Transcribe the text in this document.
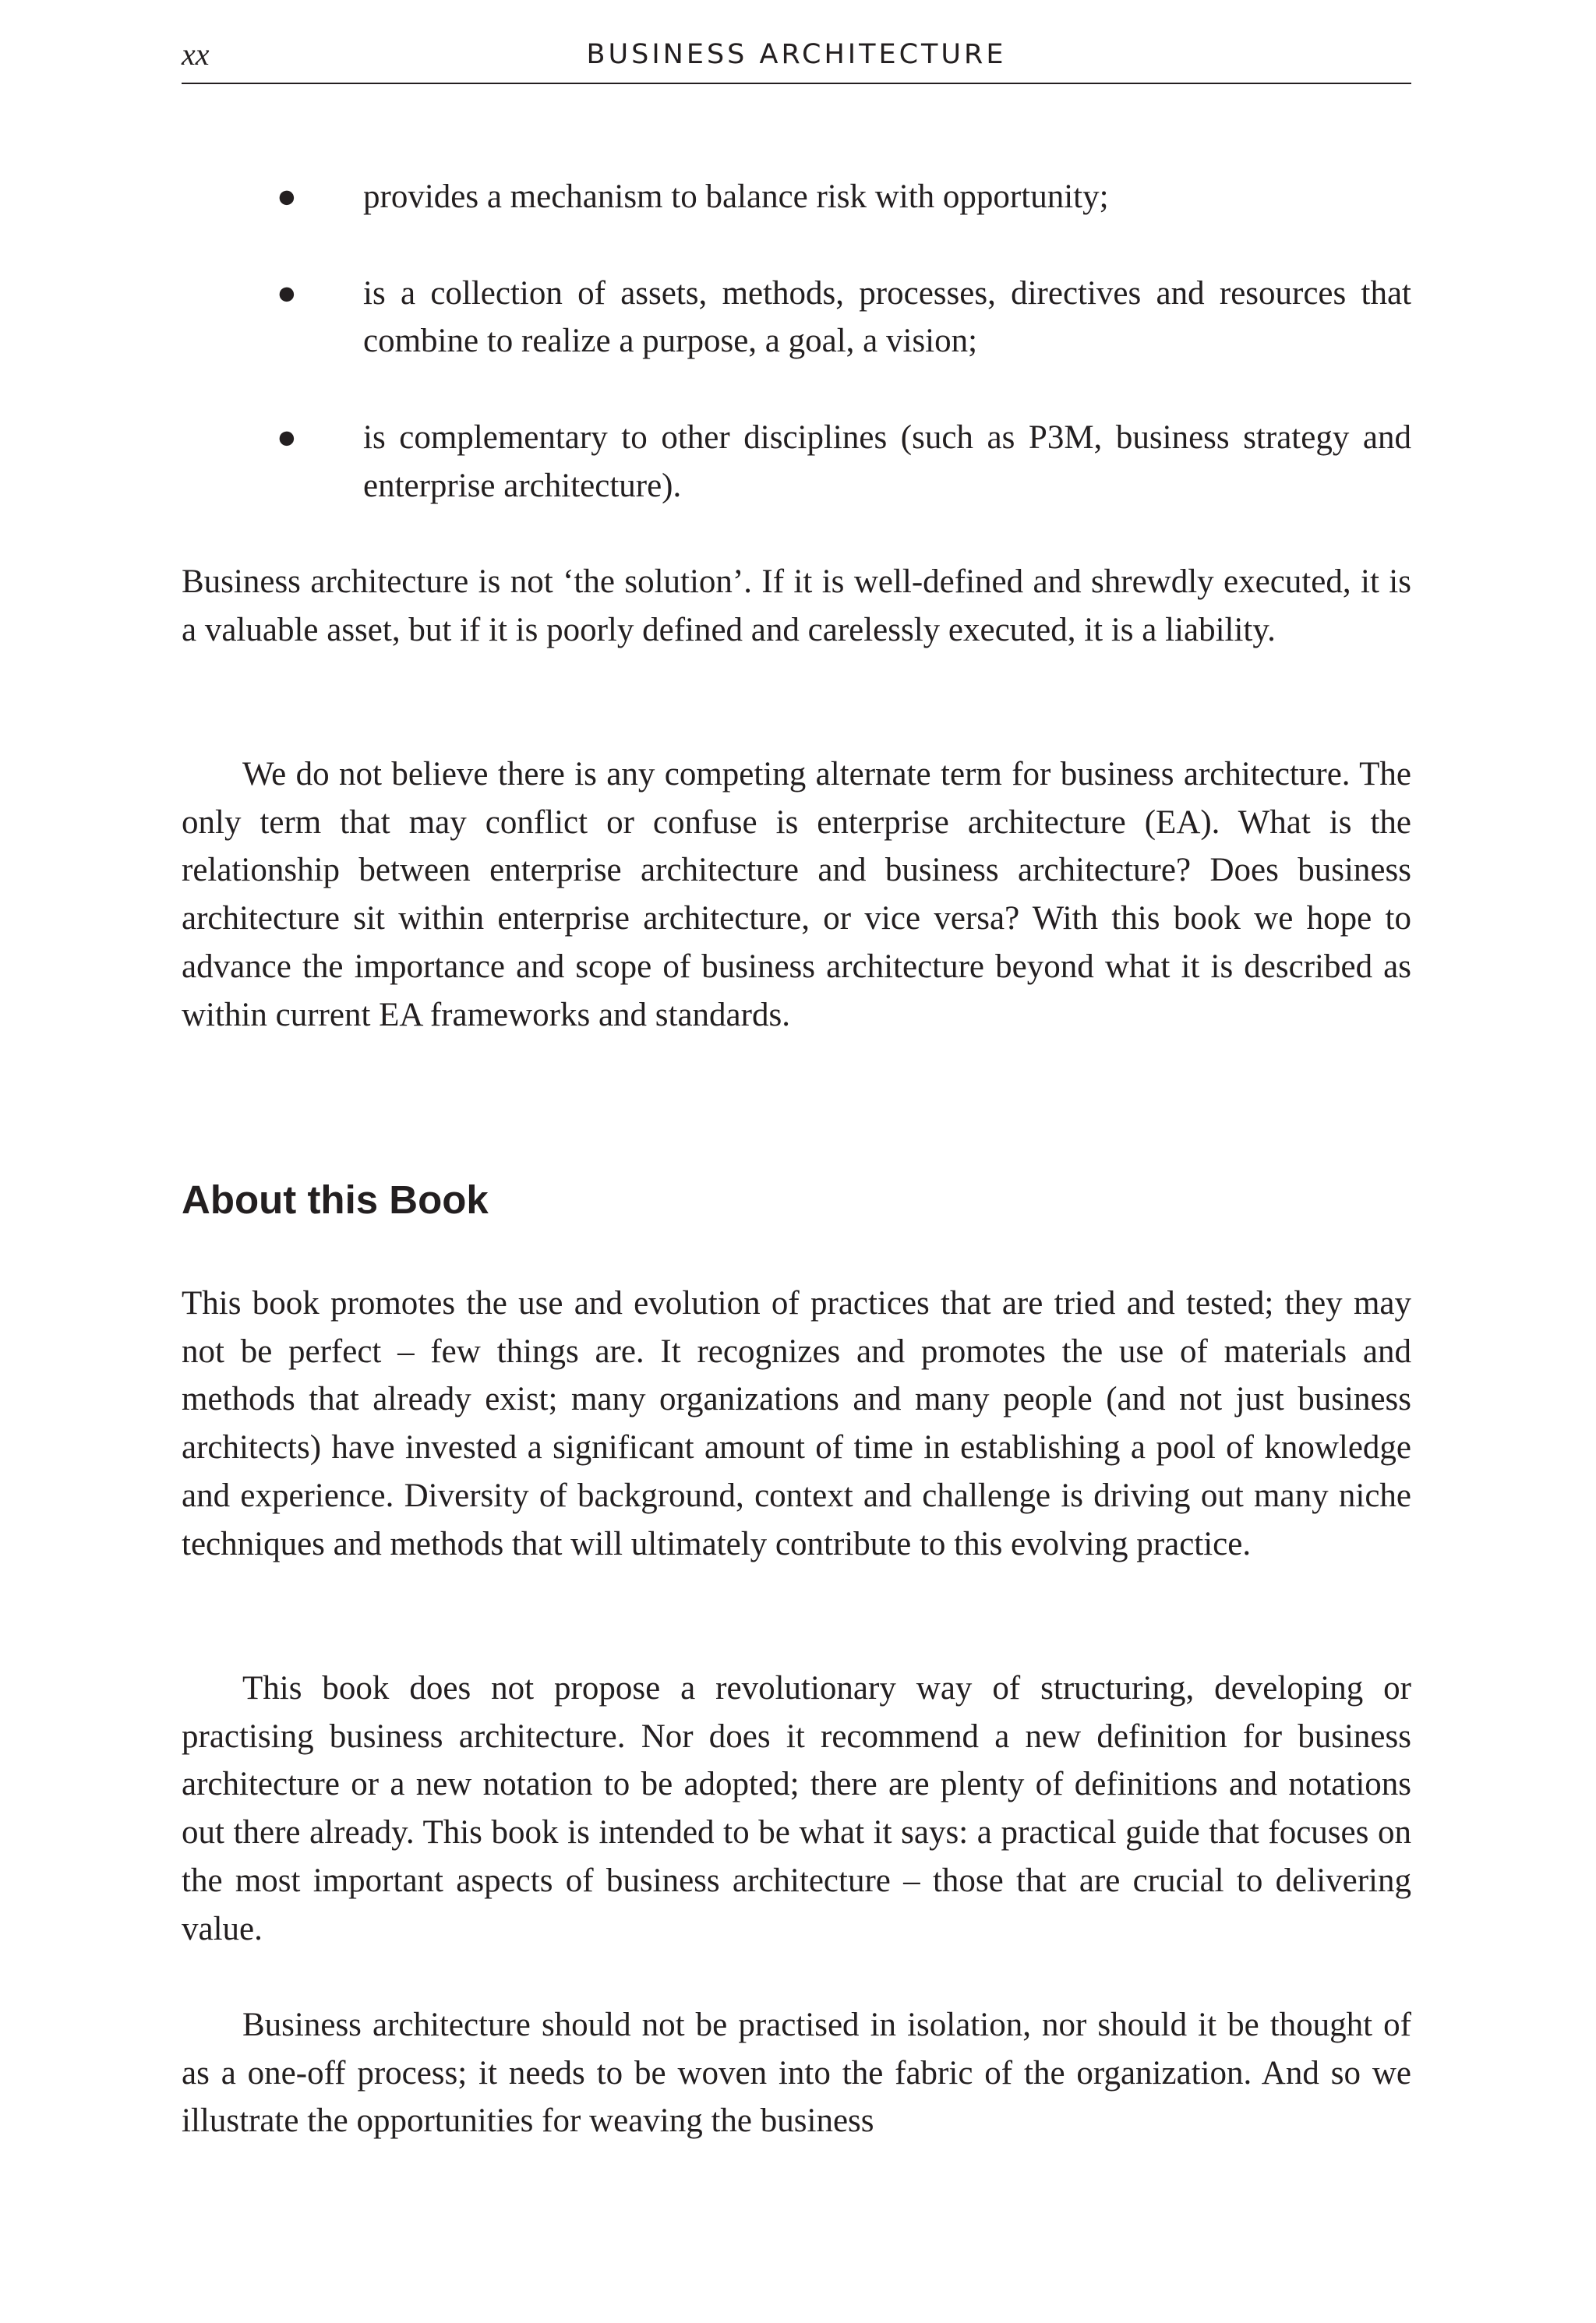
xx	BUSINESS ARCHITECTURE
● provides a mechanism to balance risk with opportunity;

● is a collection of assets, methods, processes, directives and resources that combine to realize a purpose, a goal, a vision;

● is complementary to other disciplines (such as P3M, business strategy and enterprise architecture).

Business architecture is not ‘the solution’. If it is well-defined and shrewdly executed, it is a valuable asset, but if it is poorly defined and carelessly executed, it is a liability.

We do not believe there is any competing alternate term for business architecture. The only term that may conflict or confuse is enterprise architecture (EA). What is the relationship between enterprise architecture and business architecture? Does business architecture sit within enterprise architecture, or vice versa? With this book we hope to advance the importance and scope of business architecture beyond what it is described as within current EA frameworks and standards.

About this Book

This book promotes the use and evolution of practices that are tried and tested; they may not be perfect – few things are. It recognizes and promotes the use of materials and methods that already exist; many organizations and many people (and not just business architects) have invested a significant amount of time in establishing a pool of knowledge and experience. Diversity of background, context and challenge is driving out many niche techniques and methods that will ultimately contribute to this evolving practice.

This book does not propose a revolutionary way of structuring, developing or practising business architecture. Nor does it recommend a new definition for business architecture or a new notation to be adopted; there are plenty of definitions and notations out there already. This book is intended to be what it says: a practical guide that focuses on the most important aspects of business architecture – those that are crucial to delivering value.

Business architecture should not be practised in isolation, nor should it be thought of as a one-off process; it needs to be woven into the fabric of the organization. And so we illustrate the opportunities for weaving the business
